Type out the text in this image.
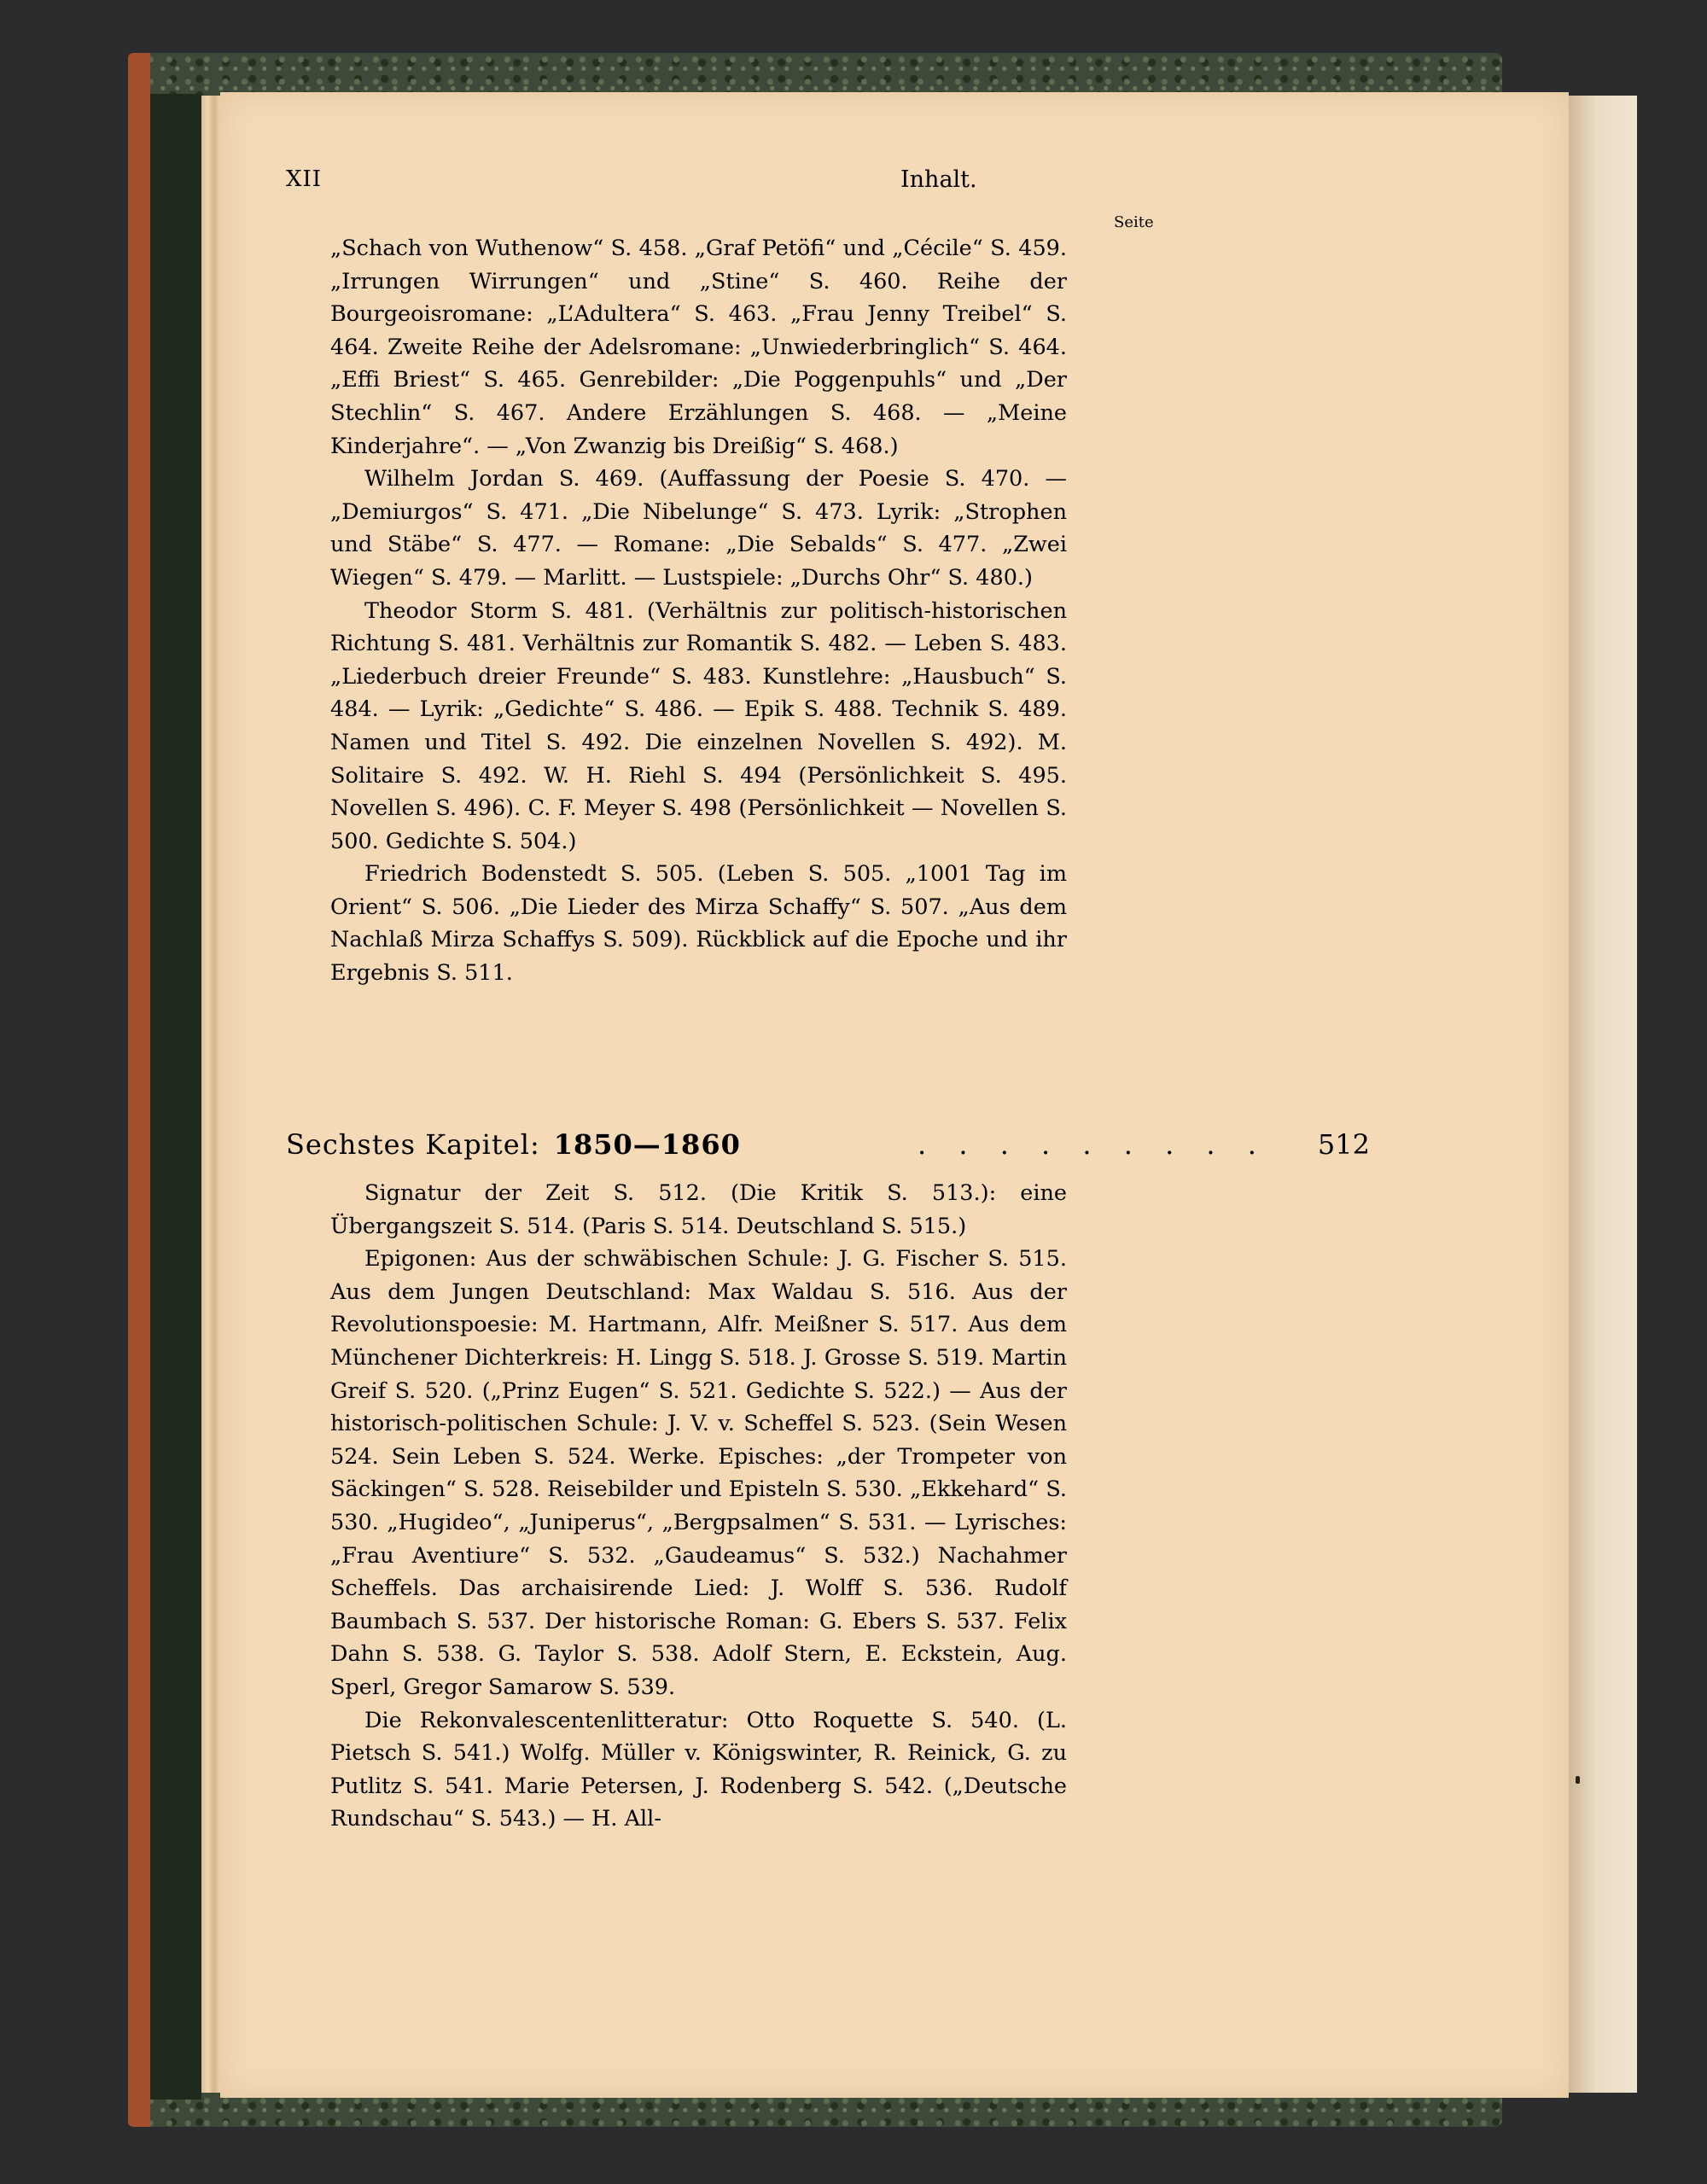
XII	Inhalt.
Seite

„Schach von Wuthenow“ S. 458. „Graf Petöfi“ und „Cécile“ S. 459. „Irrungen Wirrungen“ und „Stine“ S. 460. Reihe der Bourgeoisromane: „L’Adultera“ S. 463. „Frau Jenny Treibel“ S. 464. Zweite Reihe der Adelsromane: „Unwiederbringlich“ S. 464. „Effi Briest“ S. 465. Genrebilder: „Die Poggenpuhls“ und „Der Stechlin“ S. 467. Andere Erzählungen S. 468. — „Meine Kinderjahre“. — „Von Zwanzig bis Dreißig“ S. 468.)

Wilhelm Jordan S. 469. (Auffassung der Poesie S. 470. — „Demiurgos“ S. 471. „Die Nibelunge“ S. 473. Lyrik: „Strophen und Stäbe“ S. 477. — Romane: „Die Sebalds“ S. 477. „Zwei Wiegen“ S. 479. — Marlitt. — Lustspiele: „Durchs Ohr“ S. 480.)

Theodor Storm S. 481. (Verhältnis zur politisch-historischen Richtung S. 481. Verhältnis zur Romantik S. 482. — Leben S. 483. „Liederbuch dreier Freunde“ S. 483. Kunstlehre: „Hausbuch“ S. 484. — Lyrik: „Gedichte“ S. 486. — Epik S. 488. Technik S. 489. Namen und Titel S. 492. Die einzelnen Novellen S. 492). M. Solitaire S. 492. W. H. Riehl S. 494 (Persönlichkeit S. 495. Novellen S. 496). C. F. Meyer S. 498 (Persönlichkeit — Novellen S. 500. Gedichte S. 504.)

Friedrich Bodenstedt S. 505. (Leben S. 505. „1001 Tag im Orient“ S. 506. „Die Lieder des Mirza Schaffy“ S. 507. „Aus dem Nachlaß Mirza Schaffys S. 509). Rückblick auf die Epoche und ihr Ergebnis S. 511.

Sechstes Kapitel: 1850—1860	. . . . . . . . . 512

Signatur der Zeit S. 512. (Die Kritik S. 513.): eine Übergangszeit S. 514. (Paris S. 514. Deutschland S. 515.)

Epigonen: Aus der schwäbischen Schule: J. G. Fischer S. 515. Aus dem Jungen Deutschland: Max Waldau S. 516. Aus der Revolutionspoesie: M. Hartmann, Alfr. Meißner S. 517. Aus dem Münchener Dichterkreis: H. Lingg S. 518. J. Grosse S. 519. Martin Greif S. 520. („Prinz Eugen“ S. 521. Gedichte S. 522.) — Aus der historisch-politischen Schule: J. V. v. Scheffel S. 523. (Sein Wesen 524. Sein Leben S. 524. Werke. Episches: „der Trompeter von Säckingen“ S. 528. Reisebilder und Episteln S. 530. „Ekkehard“ S. 530. „Hugideo“, „Juniperus“, „Bergpsalmen“ S. 531. — Lyrisches: „Frau Aventiure“ S. 532. „Gaudeamus“ S. 532.) Nachahmer Scheffels. Das archaisirende Lied: J. Wolff S. 536. Rudolf Baumbach S. 537. Der historische Roman: G. Ebers S. 537. Felix Dahn S. 538. G. Taylor S. 538. Adolf Stern, E. Eckstein, Aug. Sperl, Gregor Samarow S. 539.

Die Rekonvalescentenlitteratur: Otto Roquette S. 540. (L. Pietsch S. 541.) Wolfg. Müller v. Königswinter, R. Reinick, G. zu Putlitz S. 541. Marie Petersen, J. Rodenberg S. 542. („Deutsche Rundschau“ S. 543.) — H. All-
